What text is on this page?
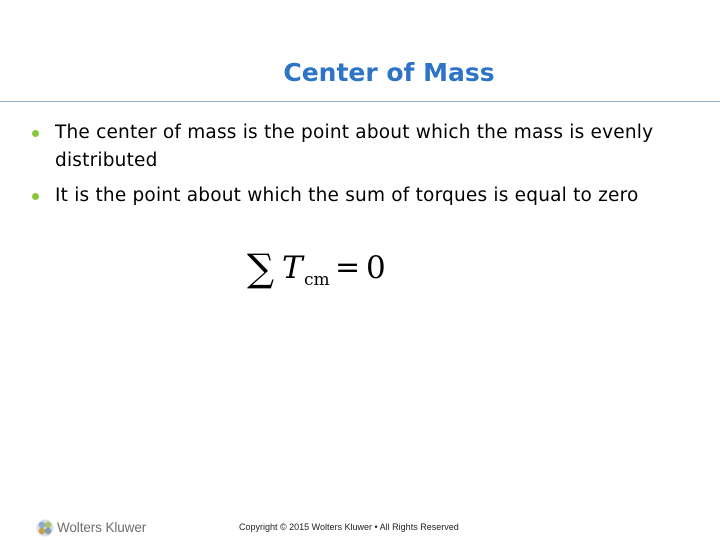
Center of Mass
The center of mass is the point about which the mass is evenly distributed
It is the point about which the sum of torques is equal to zero
∑ T cm = 0
Wolters Kluwer	Copyright © 2015 Wolters Kluwer • All Rights Reserved
